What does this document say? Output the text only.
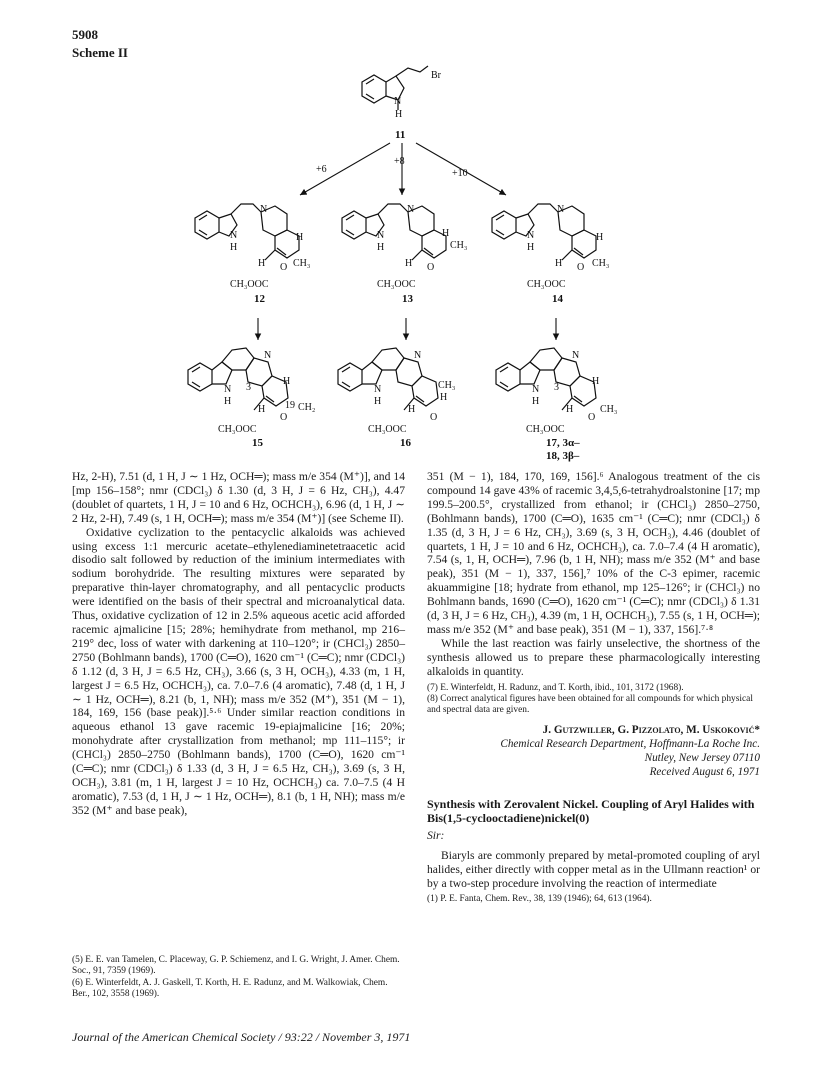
5908
Scheme II
Br
N
H
11
+6
+8
+10
N
H
N
H
H O CH₃
CH₃OOC
N
H
N
H
CH₃
H O
CH₃OOC
N
H
N
H
H O CH₃
CH₃OOC
12	13	14
N
H
N
3
H
19 CH₂
H
O
CH₃OOC
N
H
N
CH₃
H
H
O
CH₃OOC
N
H
N
3
H
H
O
CH₃
CH₃OOC
15	16	17, 3α–
18, 3β–

Hz, 2-H), 7.51 (d, 1 H, J ∼ 1 Hz, OCH═); mass m/e 354 (M⁺)], and 14 [mp 156–158°; nmr (CDCl₃) δ 1.30 (d, 3 H, J = 6 Hz, CH₃), 4.47 (doublet of quartets, 1 H, J = 10 and 6 Hz, OCHCH₃), 6.96 (d, 1 H, J ∼ 2 Hz, 2-H), 7.49 (s, 1 H, OCH═); mass m/e 354 (M⁺)] (see Scheme II).

Oxidative cyclization to the pentacyclic alkaloids was achieved using excess 1:1 mercuric acetate–ethylenediaminetetraacetic acid disodio salt followed by reduction of the iminium intermediates with sodium borohydride. The resulting mixtures were separated by preparative thin-layer chromatography, and all pentacyclic products were identified on the basis of their spectral and microanalytical data. Thus, oxidative cyclization of 12 in 2.5% aqueous acetic acid afforded racemic ajmalicine [15; 28%; hemihydrate from methanol, mp 216–219° dec, loss of water with darkening at 110–120°; ir (CHCl₃) 2850–2750 (Bohlmann bands), 1700 (C═O), 1620 cm⁻¹ (C═C); nmr (CDCl₃) δ 1.12 (d, 3 H, J = 6.5 Hz, CH₃), 3.66 (s, 3 H, OCH₃), 4.33 (m, 1 H, largest J = 6.5 Hz, OCHCH₃), ca. 7.0–7.6 (4 aromatic), 7.48 (d, 1 H, J ∼ 1 Hz, OCH═), 8.21 (b, 1, NH); mass m/e 352 (M⁺), 351 (M − 1), 184, 169, 156 (base peak)].⁵·⁶ Under similar reaction conditions in aqueous ethanol 13 gave racemic 19-epiajmalicine [16; 20%; monohydrate after crystallization from methanol; mp 111–115°; ir (CHCl₃) 2850–2750 (Bohlmann bands), 1700 (C═O), 1620 cm⁻¹ (C═C); nmr (CDCl₃) δ 1.33 (d, 3 H, J = 6.5 Hz, CH₃), 3.69 (s, 3 H, OCH₃), 3.81 (m, 1 H, largest J = 10 Hz, OCHCH₃) ca. 7.0–7.5 (4 H aromatic), 7.53 (d, 1 H, J ∼ 1 Hz, OCH═), 8.1 (b, 1 H, NH); mass m/e 352 (M⁺ and base peak),

(5) E. E. van Tamelen, C. Placeway, G. P. Schiemenz, and I. G. Wright, J. Amer. Chem. Soc., 91, 7359 (1969).

(6) E. Winterfeldt, A. J. Gaskell, T. Korth, H. E. Radunz, and M. Walkowiak, Chem. Ber., 102, 3558 (1969).

351 (M − 1), 184, 170, 169, 156].⁶ Analogous treatment of the cis compound 14 gave 43% of racemic 3,4,5,6-tetrahydroalstonine [17; mp 199.5–200.5°, crystallized from ethanol; ir (CHCl₃) 2850–2750, (Bohlmann bands), 1700 (C═O), 1635 cm⁻¹ (C═C); nmr (CDCl₃) δ 1.35 (d, 3 H, J = 6 Hz, CH₃), 3.69 (s, 3 H, OCH₃), 4.46 (doublet of quartets, 1 H, J = 10 and 6 Hz, OCHCH₃), ca. 7.0–7.4 (4 H aromatic), 7.54 (s, 1, H, OCH═), 7.96 (b, 1 H, NH); mass m/e 352 (M⁺ and base peak), 351 (M − 1), 337, 156],⁷ 10% of the C-3 epimer, racemic akuammigine [18; hydrate from ethanol, mp 125–126°; ir (CHCl₃) no Bohlmann bands, 1690 (C═O), 1620 cm⁻¹ (C═C); nmr (CDCl₃) δ 1.31 (d, 3 H, J = 6 Hz, CH₃), 4.39 (m, 1 H, OCHCH₃), 7.55 (s, 1 H, OCH═); mass m/e 352 (M⁺ and base peak), 351 (M − 1), 337, 156].⁷·⁸

While the last reaction was fairly unselective, the shortness of the synthesis allowed us to prepare these pharmacologically interesting alkaloids in quantity.

(7) E. Winterfeldt, H. Radunz, and T. Korth, ibid., 101, 3172 (1968).

(8) Correct analytical figures have been obtained for all compounds for which physical and spectral data are given.

J. Gutzwiller, G. Pizzolato, M. Uskoković*
Chemical Research Department, Hoffmann-La Roche Inc.
Nutley, New Jersey 07110
Received August 6, 1971
Synthesis with Zerovalent Nickel. Coupling of Aryl Halides with Bis(1,5-cyclooctadiene)nickel(0)
Sir:

Biaryls are commonly prepared by metal-promoted coupling of aryl halides, either directly with copper metal as in the Ullmann reaction¹ or by a two-step procedure involving the reaction of intermediate

(1) P. E. Fanta, Chem. Rev., 38, 139 (1946); 64, 613 (1964).

Journal of the American Chemical Society / 93:22 / November 3, 1971
